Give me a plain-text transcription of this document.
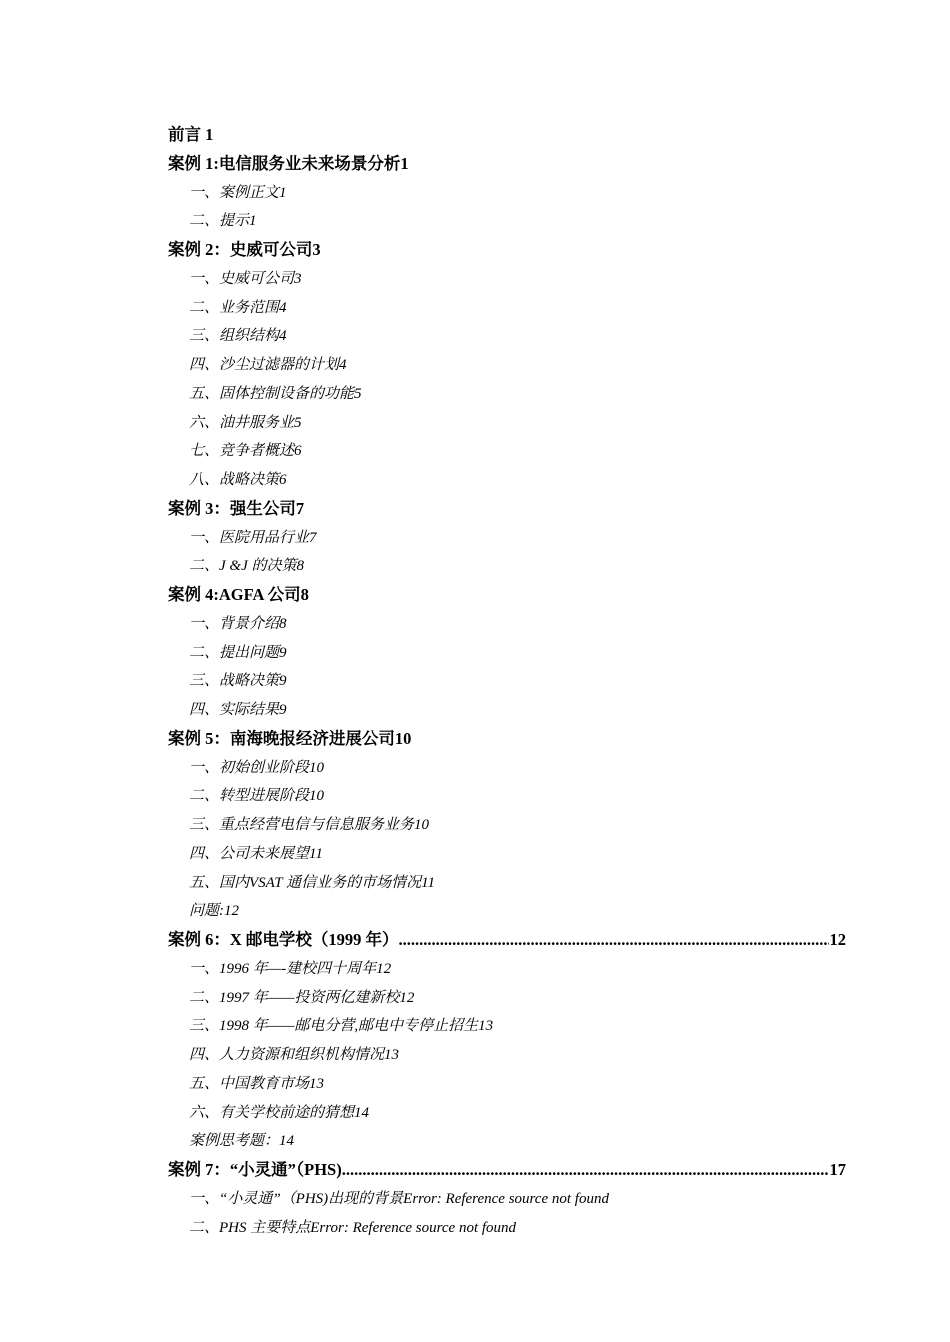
前言 1
案例 1:电信服务业未来场景分析1
一、案例正文1
二、提示1
案例 2：史威可公司3
一、史威可公司3
二、业务范围4
三、组织结构4
四、沙尘过滤器的计划4
五、固体控制设备的功能5
六、油井服务业5
七、竞争者概述6
八、战略决策6
案例 3：强生公司7
一、医院用品行业7
二、J &J 的决策8
案例 4:AGFA 公司8
一、背景介绍8
二、提出问题9
三、战略决策9
四、实际结果9
案例 5：南海晚报经济进展公司10
一、初始创业阶段10
二、转型进展阶段10
三、重点经营电信与信息服务业务10
四、公司未来展望11
五、国内VSAT 通信业务的市场情况11
问题:12
案例 6：X 邮电学校（1999 年） .....	12
一、1996 年—-建校四十周年12
二、1997 年——投资两亿建新校12
三、1998 年——邮电分营,邮电中专停止招生13
四、人力资源和组织机构情况13
五、中国教育市场13
六、有关学校前途的猜想14
案例思考题：14
案例 7：“小灵通”（PHS) .....	17
一、“小灵通”（PHS)出现的背景Error: Reference source not found
二、PHS 主要特点Error: Reference source not found
